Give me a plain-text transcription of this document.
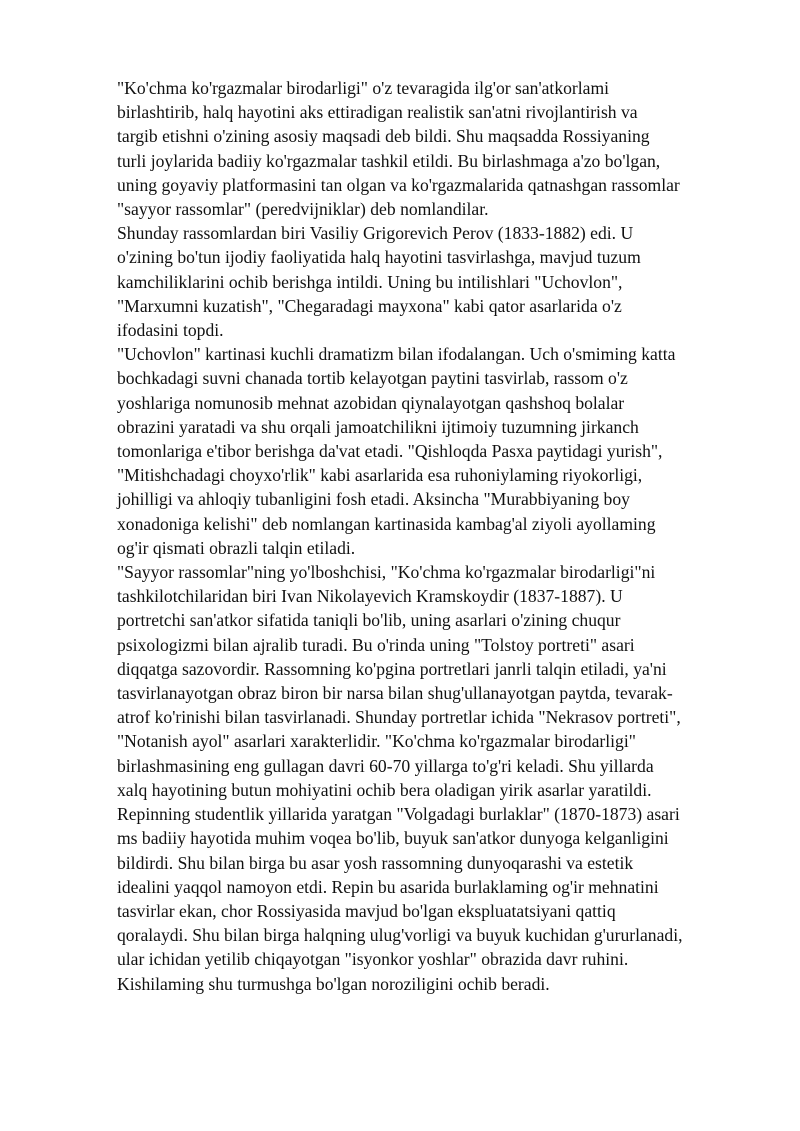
"Ko'chma ko'rgazmalar birodarligi" o'z tevaragida ilg'or san'atkorlami
birlashtirib, halq hayotini aks ettiradigan realistik san'atni rivojlantirish va
targib etishni o'zining asosiy maqsadi deb bildi. Shu maqsadda Rossiyaning
turli joylarida badiiy ko'rgazmalar tashkil etildi. Bu birlashmaga a'zo bo'lgan,
uning goyaviy platformasini tan olgan va ko'rgazmalarida qatnashgan rassomlar
"sayyor rassomlar" (peredvijniklar) deb nomlandilar.
Shunday rassomlardan biri Vasiliy Grigorevich Perov (1833-1882) edi. U
o'zining bo'tun ijodiy faoliyatida halq hayotini tasvirlashga, mavjud tuzum
kamchiliklarini ochib berishga intildi. Uning bu intilishlari "Uchovlon",
"Marxumni kuzatish", "Chegaradagi mayxona" kabi qator asarlarida o'z
ifodasini topdi.
"Uchovlon" kartinasi kuchli dramatizm bilan ifodalangan. Uch o'smiming katta
bochkadagi suvni chanada tortib kelayotgan paytini tasvirlab, rassom o'z
yoshlariga nomunosib mehnat azobidan qiynalayotgan qashshoq bolalar
obrazini yaratadi va shu orqali jamoatchilikni ijtimoiy tuzumning jirkanch
tomonlariga e'tibor berishga da'vat etadi. "Qishloqda Pasxa paytidagi yurish",
"Mitishchadagi choyxo'rlik" kabi asarlarida esa ruhoniylaming riyokorligi,
johilligi va ahloqiy tubanligini fosh etadi. Aksincha "Murabbiyaning boy
xonadoniga kelishi" deb nomlangan kartinasida kambag'al ziyoli ayollaming
og'ir qismati obrazli talqin etiladi.
"Sayyor rassomlar"ning yo'lboshchisi, "Ko'chma ko'rgazmalar birodarligi"ni
tashkilotchilaridan biri Ivan Nikolayevich Kramskoydir (1837-1887). U
portretchi san'atkor sifatida taniqli bo'lib, uning asarlari o'zining chuqur
psixologizmi bilan ajralib turadi. Bu o'rinda uning "Tolstoy portreti" asari
diqqatga sazovordir. Rassomning ko'pgina portretlari janrli talqin etiladi, ya'ni
tasvirlanayotgan obraz biron bir narsa bilan shug'ullanayotgan paytda, tevarak-
atrof ko'rinishi bilan tasvirlanadi. Shunday portretlar ichida "Nekrasov portreti",
"Notanish ayol" asarlari xarakterlidir. "Ko'chma ko'rgazmalar birodarligi"
birlashmasining eng gullagan davri 60-70 yillarga to'g'ri keladi. Shu yillarda
xalq hayotining butun mohiyatini ochib bera oladigan yirik asarlar yaratildi.
Repinning studentlik yillarida yaratgan "Volgadagi burlaklar" (1870-1873) asari
ms badiiy hayotida muhim voqea bo'lib, buyuk san'atkor dunyoga kelganligini
bildirdi. Shu bilan birga bu asar yosh rassomning dunyoqarashi va estetik
idealini yaqqol namoyon etdi. Repin bu asarida burlaklaming og'ir mehnatini
tasvirlar ekan, chor Rossiyasida mavjud bo'lgan ekspluatatsiyani qattiq
qoralaydi. Shu bilan birga halqning ulug'vorligi va buyuk kuchidan g'ururlanadi,
ular ichidan yetilib chiqayotgan "isyonkor yoshlar" obrazida davr ruhini.
Kishilaming shu turmushga bo'lgan noroziligini ochib beradi.
